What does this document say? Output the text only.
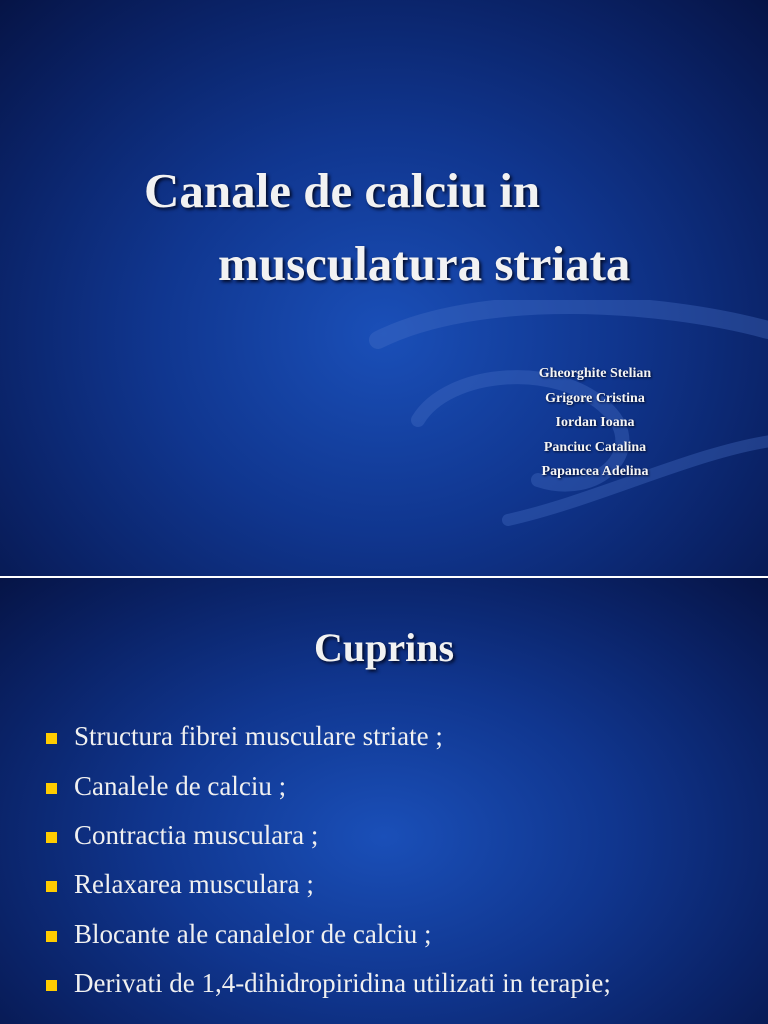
Canale de calciu in
musculatura striata
Gheorghite Stelian
Grigore Cristina
Iordan Ioana
Panciuc Catalina
Papancea Adelina
Cuprins
Structura fibrei musculare striate ;
Canalele de calciu ;
Contractia musculara ;
Relaxarea musculara ;
Blocante ale canalelor de calciu ;
Derivati de 1,4-dihidropiridina utilizati in terapie;
